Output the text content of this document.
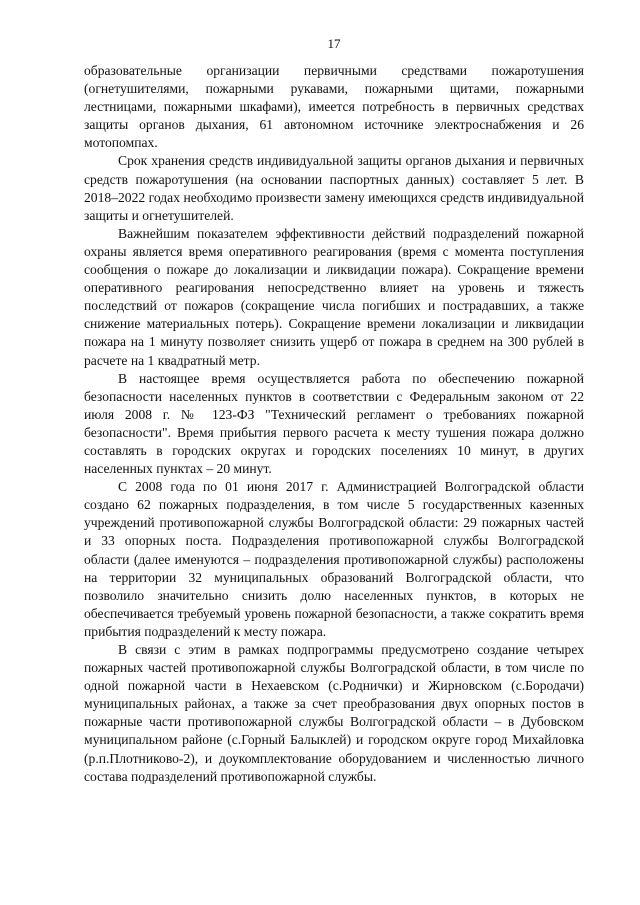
17

образовательные организации первичными средствами пожаротушения (огнетушителями, пожарными рукавами, пожарными щитами, пожарными лестницами, пожарными шкафами), имеется потребность в первичных средствах защиты органов дыхания, 61 автономном источнике электроснабжения и 26 мотопомпах.

Срок хранения средств индивидуальной защиты органов дыхания и первичных средств пожаротушения (на основании паспортных данных) составляет 5 лет. В 2018–2022 годах необходимо произвести замену имеющихся средств индивидуальной защиты и огнетушителей.

Важнейшим показателем эффективности действий подразделений пожарной охраны является время оперативного реагирования (время с момента поступления сообщения о пожаре до локализации и ликвидации пожара). Сокращение времени оперативного реагирования непосредственно влияет на уровень и тяжесть последствий от пожаров (сокращение числа погибших и пострадавших, а также снижение материальных потерь). Сокращение времени локализации и ликвидации пожара на 1 минуту позволяет снизить ущерб от пожара в среднем на 300 рублей в расчете на 1 квадратный метр.

В настоящее время осуществляется работа по обеспечению пожарной безопасности населенных пунктов в соответствии с Федеральным законом от 22 июля 2008 г. № 123-ФЗ "Технический регламент о требованиях пожарной безопасности". Время прибытия первого расчета к месту тушения пожара должно составлять в городских округах и городских поселениях 10 минут, в других населенных пунктах – 20 минут.

С 2008 года по 01 июня 2017 г. Администрацией Волгоградской области создано 62 пожарных подразделения, в том числе 5 государственных казенных учреждений противопожарной службы Волгоградской области: 29 пожарных частей и 33 опорных поста. Подразделения противопожарной службы Волгоградской области (далее именуются – подразделения противопожарной службы) расположены на территории 32 муниципальных образований Волгоградской области, что позволило значительно снизить долю населенных пунктов, в которых не обеспечивается требуемый уровень пожарной безопасности, а также сократить время прибытия подразделений к месту пожара.

В связи с этим в рамках подпрограммы предусмотрено создание четырех пожарных частей противопожарной службы Волгоградской области, в том числе по одной пожарной части в Нехаевском (с.Роднички) и Жирновском (с.Бородачи) муниципальных районах, а также за счет преобразования двух опорных постов в пожарные части противопожарной службы Волгоградской области – в Дубовском муниципальном районе (с.Горный Балыклей) и городском округе город Михайловка (р.п.Плотниково-2), и доукомплектование оборудованием и численностью личного состава подразделений противопожарной службы.
